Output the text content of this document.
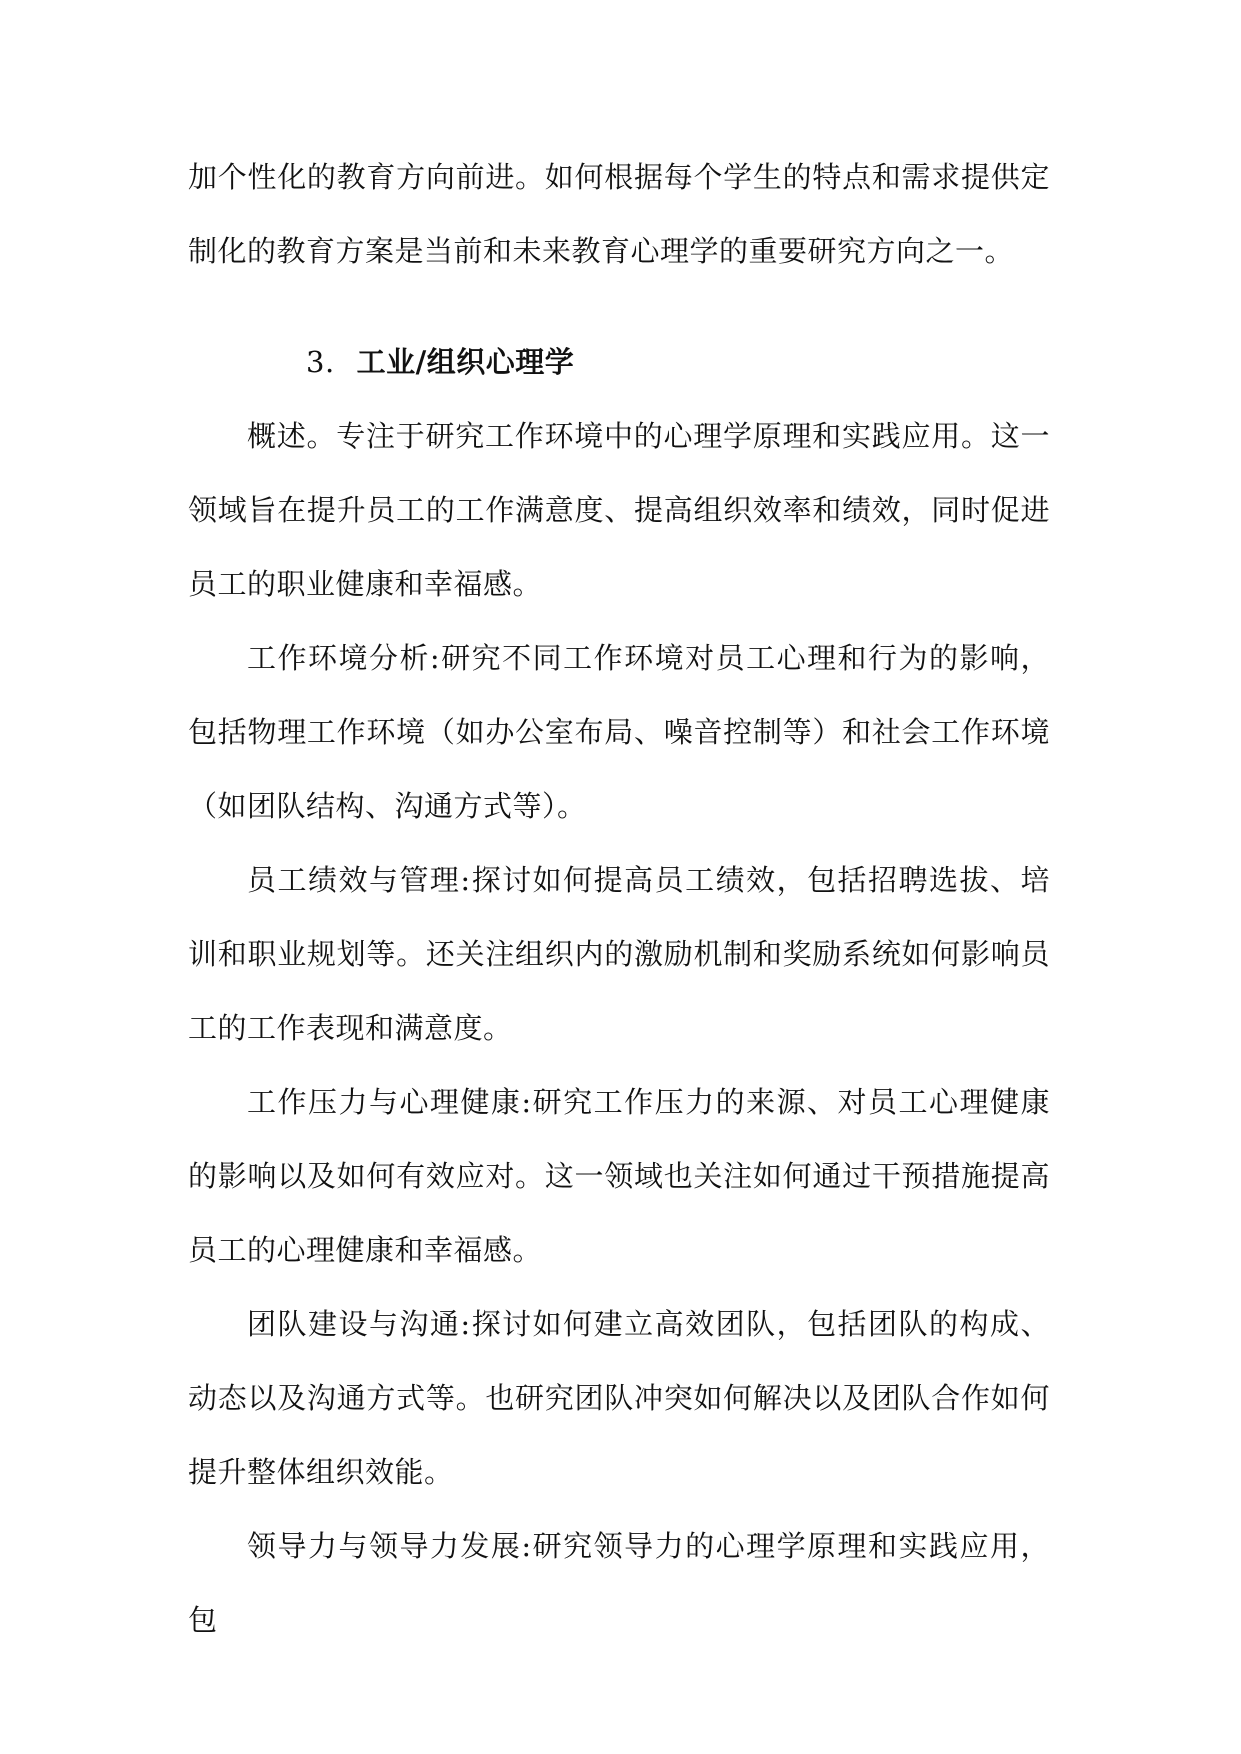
加个性化的教育方向前进。如何根据每个学生的特点和需求提供定制化的教育方案是当前和未来教育心理学的重要研究方向之一。

3. 工业/组织心理学

概述。专注于研究工作环境中的心理学原理和实践应用。这一领域旨在提升员工的工作满意度、提高组织效率和绩效，同时促进员工的职业健康和幸福感。

工作环境分析:研究不同工作环境对员工心理和行为的影响，包括物理工作环境（如办公室布局、噪音控制等）和社会工作环境（如团队结构、沟通方式等）。

员工绩效与管理:探讨如何提高员工绩效，包括招聘选拔、培训和职业规划等。还关注组织内的激励机制和奖励系统如何影响员工的工作表现和满意度。

工作压力与心理健康:研究工作压力的来源、对员工心理健康的影响以及如何有效应对。这一领域也关注如何通过干预措施提高员工的心理健康和幸福感。

团队建设与沟通:探讨如何建立高效团队，包括团队的构成、动态以及沟通方式等。也研究团队冲突如何解决以及团队合作如何提升整体组织效能。

领导力与领导力发展:研究领导力的心理学原理和实践应用，包
